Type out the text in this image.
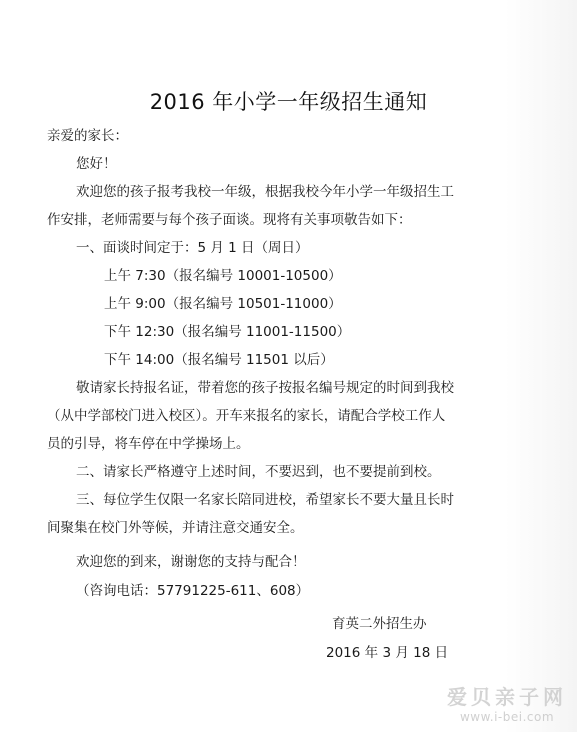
2016 年小学一年级招生通知
亲爱的家长：
您好！
欢迎您的孩子报考我校一年级，根据我校今年小学一年级招生工
作安排，老师需要与每个孩子面谈。现将有关事项敬告如下：
一、面谈时间定于：5 月 1 日（周日）
上午 7:30（报名编号 10001-10500）
上午 9:00（报名编号 10501-11000）
下午 12:30（报名编号 11001-11500）
下午 14:00（报名编号 11501 以后）
敬请家长持报名证，带着您的孩子按报名编号规定的时间到我校
（从中学部校门进入校区）。开车来报名的家长，请配合学校工作人
员的引导，将车停在中学操场上。
二、请家长严格遵守上述时间，不要迟到，也不要提前到校。
三、每位学生仅限一名家长陪同进校，希望家长不要大量且长时
间聚集在校门外等候，并请注意交通安全。
欢迎您的到来，谢谢您的支持与配合！
（咨询电话：57791225-611、608）
育英二外招生办
2016 年 3 月 18 日
爱贝亲子网
www.i-bei.com
